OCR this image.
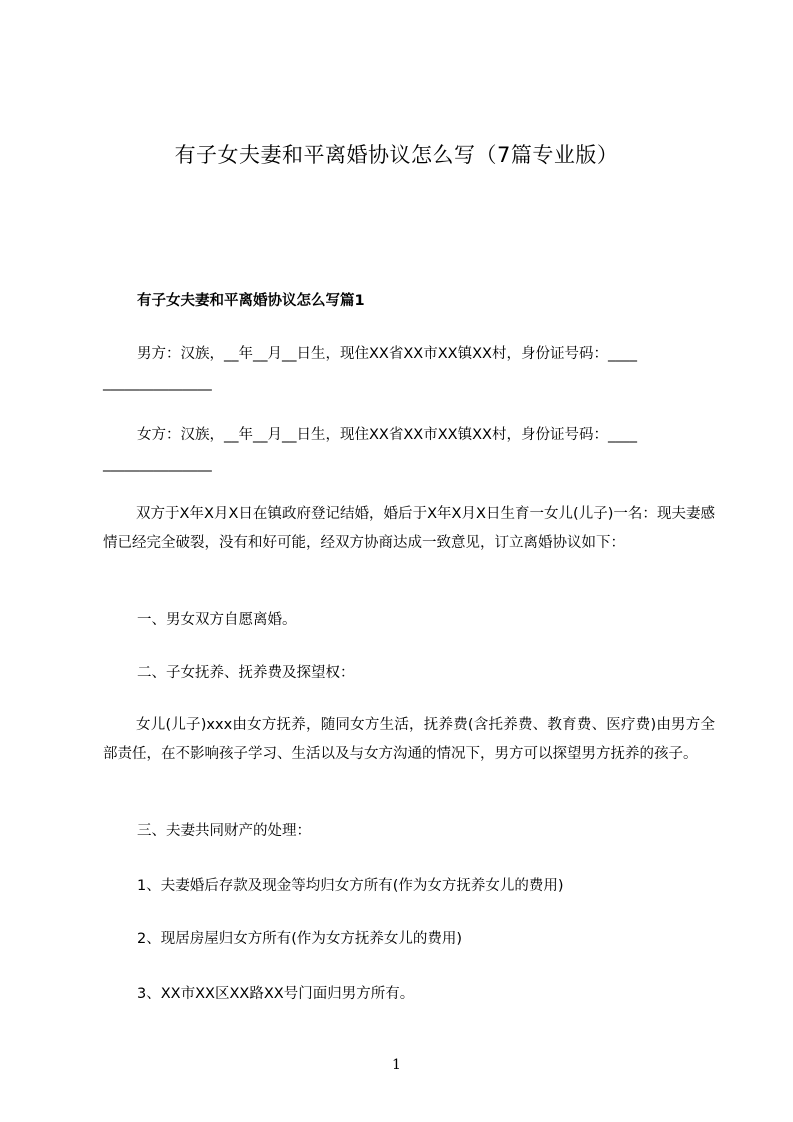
有子女夫妻和平离婚协议怎么写（7篇专业版）
有子女夫妻和平离婚协议怎么写篇1
男方：汉族，__年__月__日生，现住XX省XX市XX镇XX村，身份证号码：____
_______________
女方：汉族，__年__月__日生，现住XX省XX市XX镇XX村，身份证号码：____
_______________
双方于X年X月X日在镇政府登记结婚，婚后于X年X月X日生育一女儿(儿子)一名：现夫妻感情已经完全破裂，没有和好可能，经双方协商达成一致意见，订立离婚协议如下：
一、男女双方自愿离婚。
二、子女抚养、抚养费及探望权：
女儿(儿子)xxx由女方抚养，随同女方生活，抚养费(含托养费、教育费、医疗费)由男方全部责任，在不影响孩子学习、生活以及与女方沟通的情况下，男方可以探望男方抚养的孩子。
三、夫妻共同财产的处理：
1、夫妻婚后存款及现金等均归女方所有(作为女方抚养女儿的费用)
2、现居房屋归女方所有(作为女方抚养女儿的费用)
3、XX市XX区XX路XX号门面归男方所有。
1
